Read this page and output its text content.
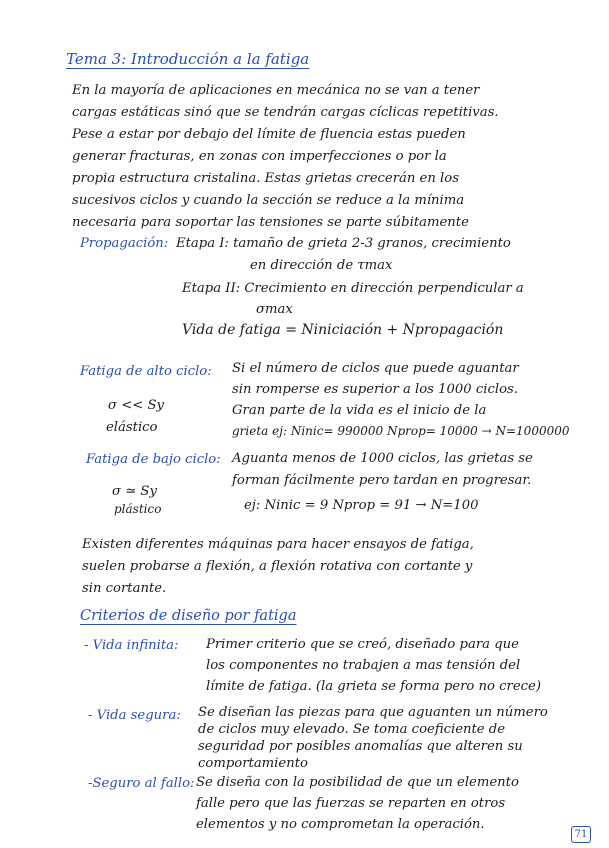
Tema 3: Introducción a la fatiga
En la mayoría de aplicaciones en mecánica no se van a tener
cargas estáticas sinó que se tendrán cargas cíclicas repetitivas.
Pese a estar por debajo del límite de fluencia estas pueden
generar fracturas, en zonas con imperfecciones o por la
propia estructura cristalina. Estas grietas crecerán en los
sucesivos ciclos y cuando la sección se reduce a la mínima
necesaria para soportar las tensiones se parte súbitamente
Propagación: Etapa I: tamaño de grieta 2-3 granos, crecimiento
en dirección de τmax
Etapa II: Crecimiento en dirección perpendicular a
σmax
Vida de fatiga = Niniciación + Npropagación
Fatiga de alto ciclo: Si el número de ciclos que puede aguantar
sin romperse es superior a los 1000 ciclos.
Gran parte de la vida es el inicio de la
grieta ej: Ninic= 990000 Nprop= 10000 → N=1000000
σ << Sy
elástico
Fatiga de bajo ciclo: Aguanta menos de 1000 ciclos, las grietas se
forman fácilmente pero tardan en progresar.
ej: Ninic = 9 Nprop = 91 → N=100
σ ≃ Sy
plástico
Existen diferentes máquinas para hacer ensayos de fatiga,
suelen probarse a flexión, a flexión rotativa con cortante y
sin cortante.
Criterios de diseño por fatiga
- Vida infinita: Primer criterio que se creó, diseñado para que
los componentes no trabajen a mas tensión del
límite de fatiga. (la grieta se forma pero no crece)
- Vida segura: Se diseñan las piezas para que aguanten un número
de ciclos muy elevado. Se toma coeficiente de
seguridad por posibles anomalías que alteren su
comportamiento
-Seguro al fallo: Se diseña con la posibilidad de que un elemento
falle pero que las fuerzas se reparten en otros
elementos y no comprometan la operación.
71
